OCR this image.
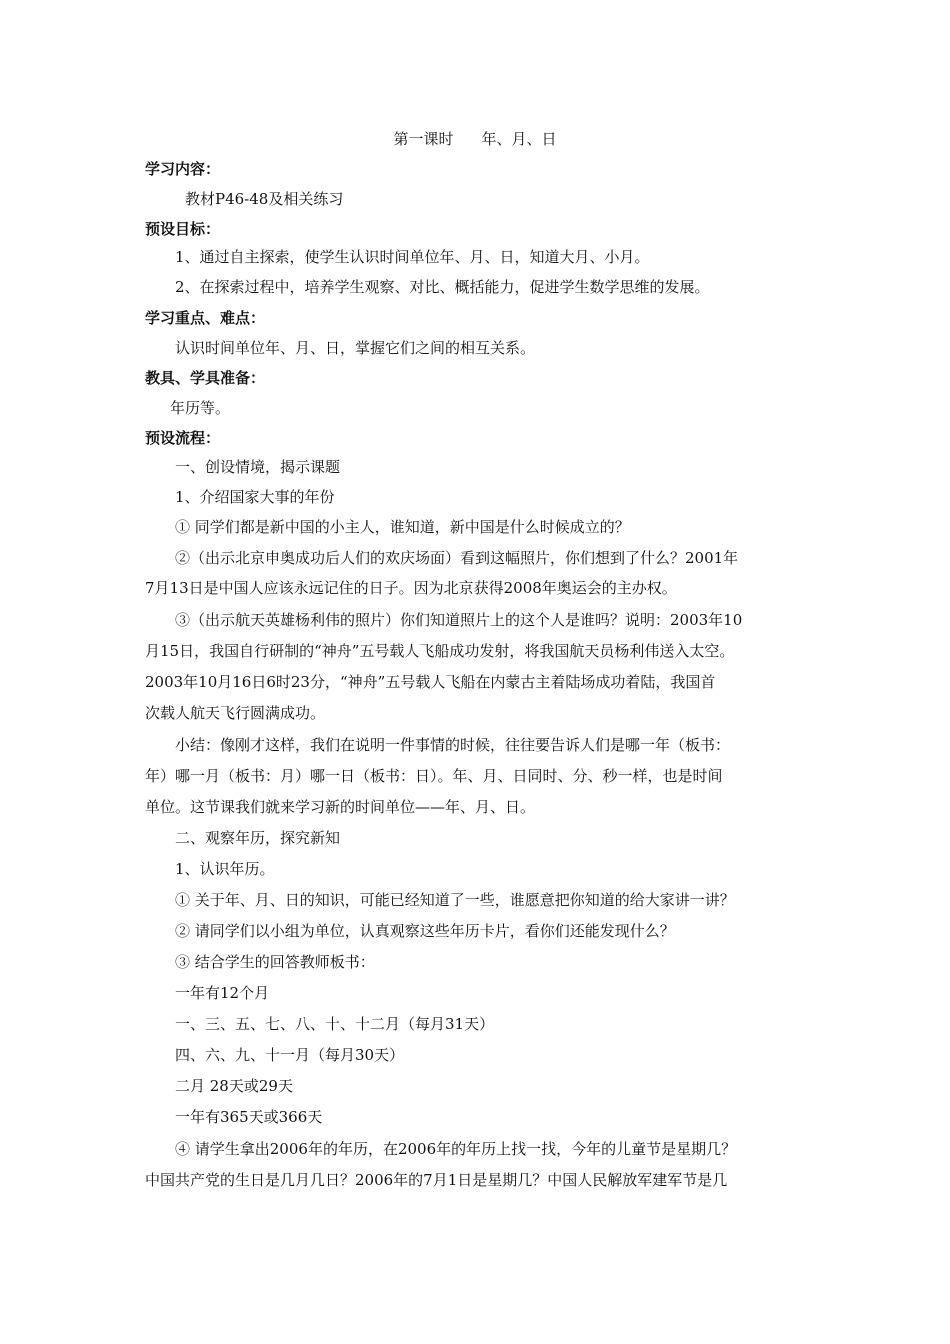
第一课时 年、月、日
学习内容：
教材P46-48及相关练习
预设目标：
1、通过自主探索，使学生认识时间单位年、月、日，知道大月、小月。
2、在探索过程中，培养学生观察、对比、概括能力，促进学生数学思维的发展。
学习重点、难点：
认识时间单位年、月、日，掌握它们之间的相互关系。
教具、学具准备：
年历等。
预设流程：
一、创设情境，揭示课题
1、介绍国家大事的年份
① 同学们都是新中国的小主人，谁知道，新中国是什么时候成立的？
②（出示北京申奥成功后人们的欢庆场面）看到这幅照片，你们想到了什么？2001年
7月13日是中国人应该永远记住的日子。因为北京获得2008年奥运会的主办权。
③（出示航天英雄杨利伟的照片）你们知道照片上的这个人是谁吗？说明：2003年10
月15日，我国自行研制的“神舟”五号载人飞船成功发射，将我国航天员杨利伟送入太空。
2003年10月16日6时23分，“神舟”五号载人飞船在内蒙古主着陆场成功着陆，我国首
次载人航天飞行圆满成功。
小结：像刚才这样，我们在说明一件事情的时候，往往要告诉人们是哪一年（板书：
年）哪一月（板书：月）哪一日（板书：日）。年、月、日同时、分、秒一样，也是时间
单位。这节课我们就来学习新的时间单位——年、月、日。
二、观察年历，探究新知
1、认识年历。
① 关于年、月、日的知识，可能已经知道了一些，谁愿意把你知道的给大家讲一讲？
② 请同学们以小组为单位，认真观察这些年历卡片，看你们还能发现什么？
③ 结合学生的回答教师板书：
一年有12个月
一、三、五、七、八、十、十二月（每月31天）
四、六、九、十一月（每月30天）
二月 28天或29天
一年有365天或366天
④ 请学生拿出2006年的年历，在2006年的年历上找一找，今年的儿童节是星期几？
中国共产党的生日是几月几日？2006年的7月1日是星期几？中国人民解放军建军节是几
